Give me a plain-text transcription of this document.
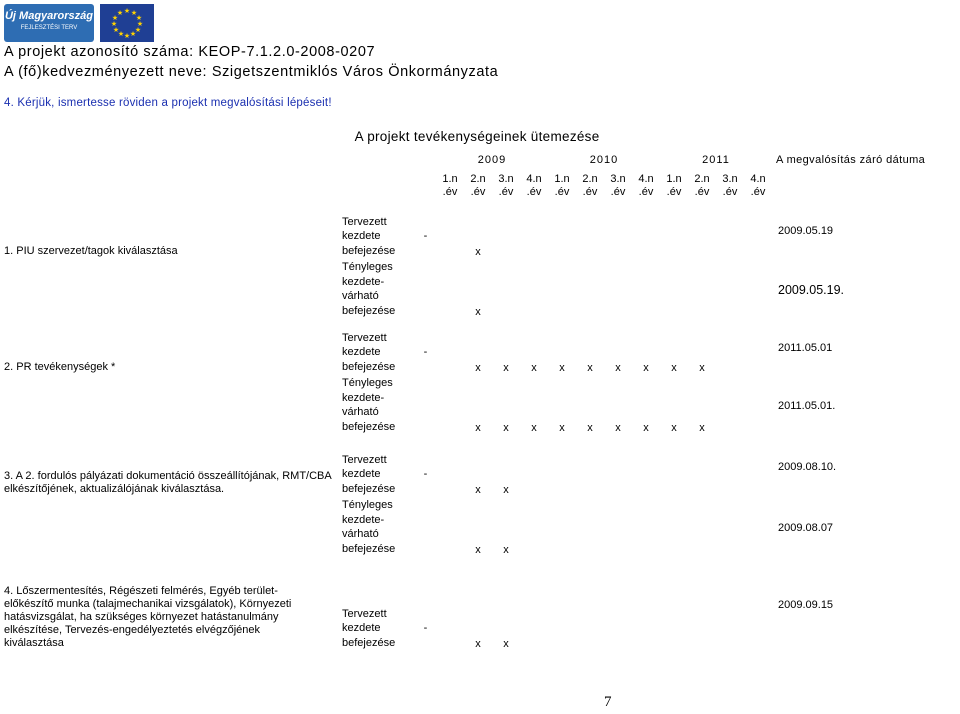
Új Magyarország
FEJLESZTÉSI TERV
★ ★
★
★
★
★
★
★
★
★
★
★
A projekt azonosító száma: KEOP-7.1.2.0-2008-0207
A (fő)kedvezményezett neve: Szigetszentmiklós Város Önkormányzata
4. Kérjük, ismertesse röviden a projekt megvalósítási lépéseit!
A projekt tevékenységeinek ütemezése														
		2009				2010				2011				A megvalósítás záró dátuma
		1.n .év	2.n .év	3.n .év	4.n .év	1.n .év	2.n .év	3.n .év	4.n .év	1.n .év	2.n .év	3.n .év	4.n .év	
1. PIU szervezet/tagok kiválasztása	Tervezett kezdete -befejezése		x											2009.05.19
	Tényleges kezdete- várható befejezése		x											2009.05.19.
2. PR tevékenységek *	Tervezett kezdete -befejezése		x	x	x	x	x	x	x	x	x			2011.05.01
	Tényleges kezdete- várható befejezése		x	x	x	x	x	x	x	x	x			2011.05.01.
3. A 2. fordulós pályázati dokumentáció összeállítójának, RMT/CBA elkészítőjének, aktualizálójának kiválasztása.	Tervezett kezdete -befejezése		x	x										2009.08.10.
	Tényleges kezdete- várható befejezése		x	x										2009.08.07
4. Lőszermentesítés, Régészeti felmérés, Egyéb terület-előkészítő munka (talajmechanikai vizsgálatok), Környezeti hatásvizsgálat, ha szükséges környezet hatástanulmány elkészítése, Tervezés-engedélyeztetés elvégzőjének kiválasztása	Tervezett kezdete -befejezése		x	x										2009.09.15
7
